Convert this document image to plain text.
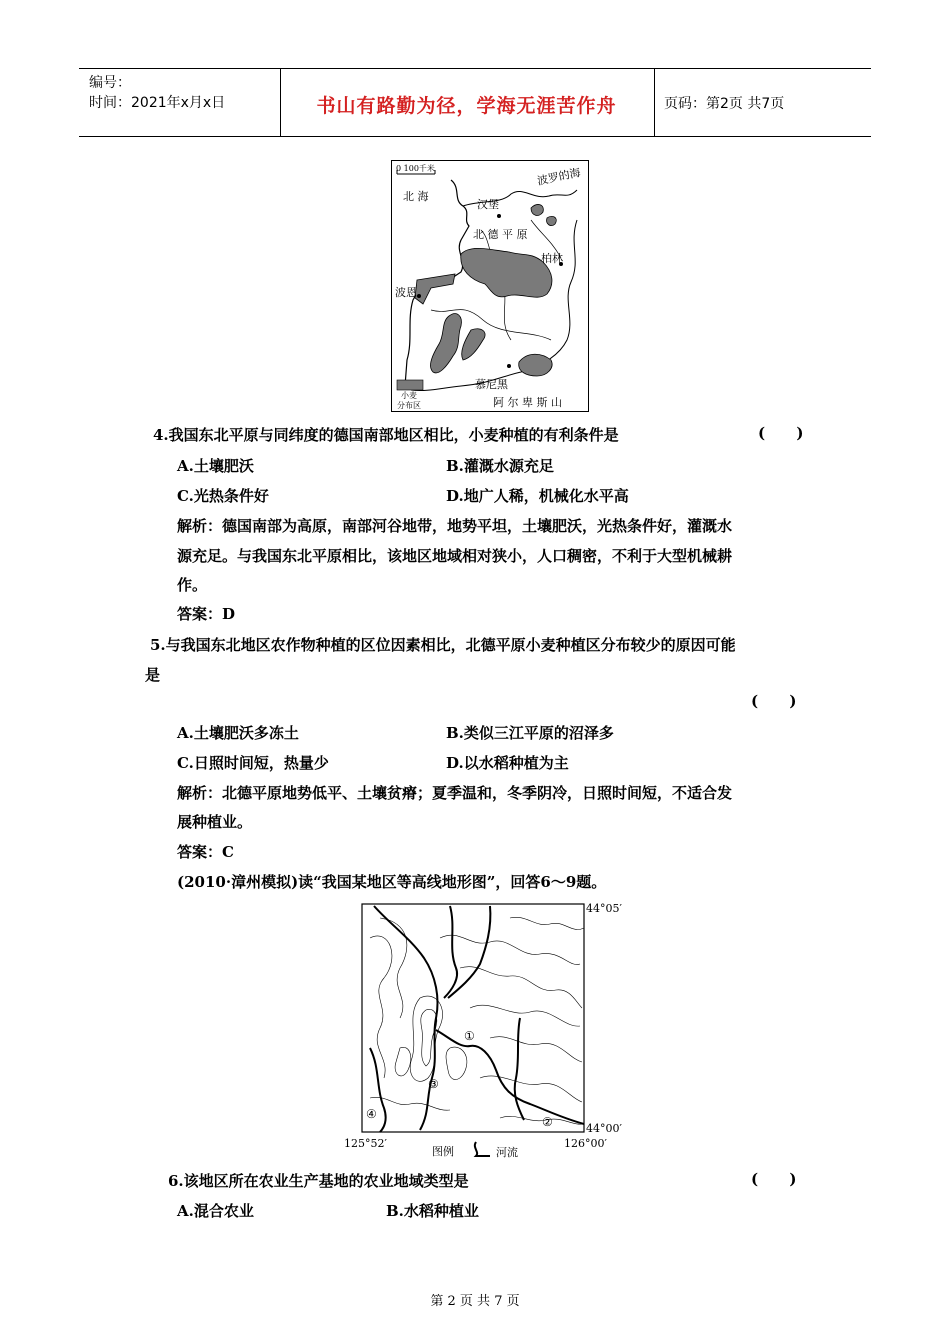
编号：
时间：2021年x月x日	书山有路勤为径，学海无涯苦作舟	页码：第2页 共7页
0 100千米	波罗的海
北 海
汉堡
北 德 平 原
柏林
波恩
慕尼黑
阿 尔 卑 斯 山
小麦
分布区
4.我国东北平原与同纬度的德国南部地区相比，小麦种植的有利条件是	(      )
A.土壤肥沃	B.灌溉水源充足
C.光热条件好	D.地广人稀，机械化水平高
解析：德国南部为高原，南部河谷地带，地势平坦，土壤肥沃，光热条件好，灌溉水
源充足。与我国东北平原相比，该地区地域相对狭小，人口稠密，不利于大型机械耕
作。
答案：D
5.与我国东北地区农作物种植的区位因素相比，北德平原小麦种植区分布较少的原因可能
是
(      )
A.土壤肥沃多冻土	B.类似三江平原的沼泽多
C.日照时间短，热量少	D.以水稻种植为主
解析：北德平原地势低平、土壤贫瘠；夏季温和，冬季阴冷，日照时间短，不适合发
展种植业。
答案：C
(2010·漳州模拟)读“我国某地区等高线地形图”，回答6～9题。
①
②
③
④
44°05′
44°00′
125°52′	126°00′
图例	河流
6.该地区所在农业生产基地的农业地域类型是	(      )
A.混合农业	B.水稻种植业
第 2 页 共 7 页
